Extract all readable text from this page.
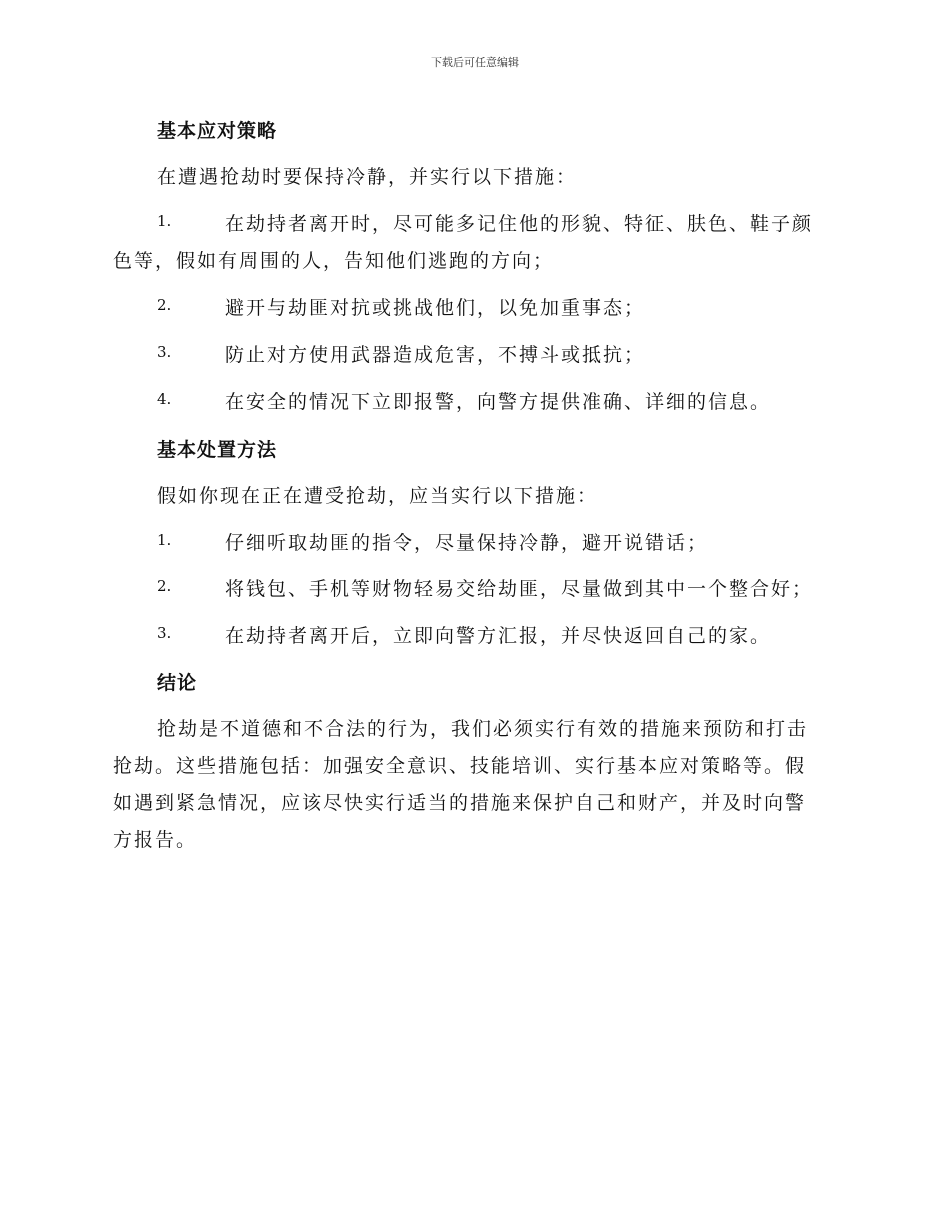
下载后可任意编辑
基本应对策略
在遭遇抢劫时要保持冷静，并实行以下措施：
1.	在劫持者离开时，尽可能多记住他的形貌、特征、肤色、鞋子颜
色等，假如有周围的人，告知他们逃跑的方向；
2.	避开与劫匪对抗或挑战他们，以免加重事态；
3.	防止对方使用武器造成危害，不搏斗或抵抗；
4.	在安全的情况下立即报警，向警方提供准确、详细的信息。
基本处置方法
假如你现在正在遭受抢劫，应当实行以下措施：
1.	仔细听取劫匪的指令，尽量保持冷静，避开说错话；
2.	将钱包、手机等财物轻易交给劫匪，尽量做到其中一个整合好；
3.	在劫持者离开后，立即向警方汇报，并尽快返回自己的家。
结论
抢劫是不道德和不合法的行为，我们必须实行有效的措施来预防和打击
抢劫。这些措施包括：加强安全意识、技能培训、实行基本应对策略等。假
如遇到紧急情况，应该尽快实行适当的措施来保护自己和财产，并及时向警
方报告。
